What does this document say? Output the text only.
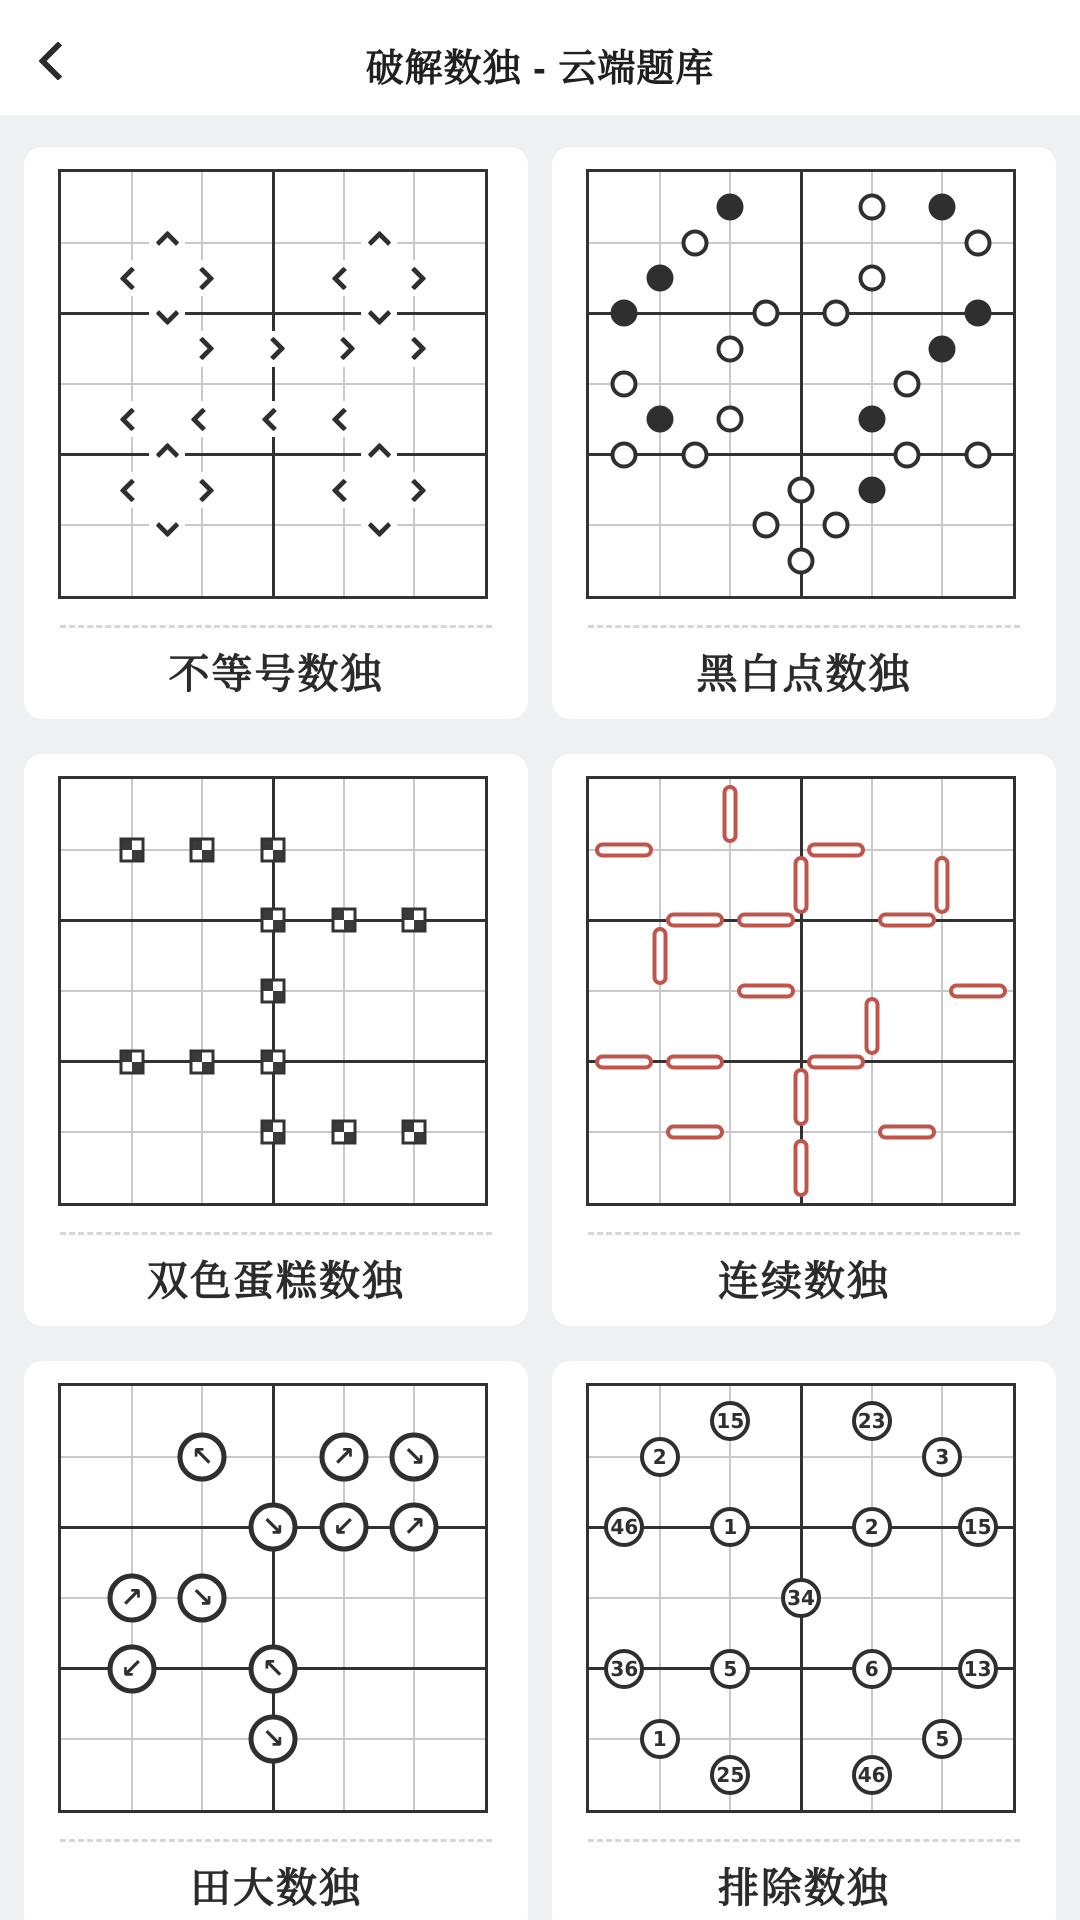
破解数独 - 云端题库
不等号数独	黑白点数独
双色蛋糕数独	连续数独
↖	↗	↘
↘	↙	↗
↗	↘
↙	↖
↘
田大数独
15	23
2	3
46	1	2	15
34
36	5	6	13
1	5
25	46
排除数独
